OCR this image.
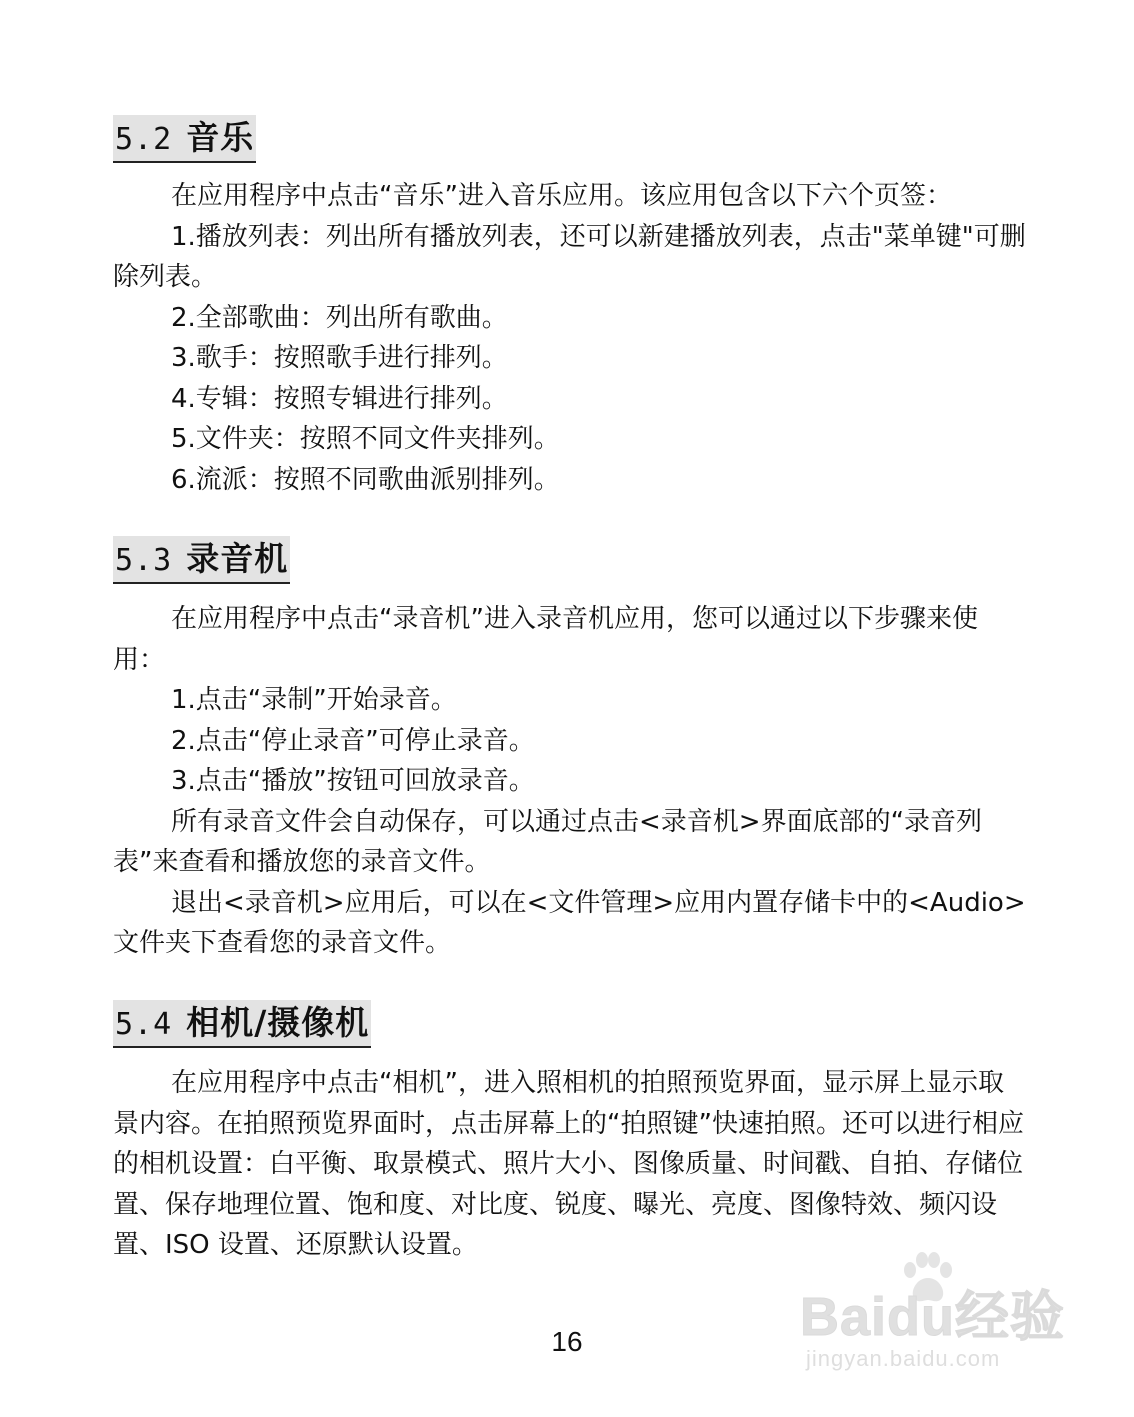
5.2 音乐

在应用程序中点击“音乐”进入音乐应用。该应用包含以下六个页签：

1.播放列表：列出所有播放列表，还可以新建播放列表，点击"菜单键"可删除列表。

2.全部歌曲：列出所有歌曲。

3.歌手：按照歌手进行排列。

4.专辑：按照专辑进行排列。

5.文件夹：按照不同文件夹排列。

6.流派：按照不同歌曲派别排列。

5.3 录音机

在应用程序中点击“录音机”进入录音机应用，您可以通过以下步骤来使用：

1.点击“录制”开始录音。

2.点击“停止录音”可停止录音。

3.点击“播放”按钮可回放录音。

所有录音文件会自动保存，可以通过点击<录音机>界面底部的“录音列表”来查看和播放您的录音文件。

退出<录音机>应用后，可以在<文件管理>应用内置存储卡中的<Audio>文件夹下查看您的录音文件。

5.4 相机/摄像机

在应用程序中点击“相机”，进入照相机的拍照预览界面，显示屏上显示取景内容。在拍照预览界面时，点击屏幕上的“拍照键”快速拍照。还可以进行相应的相机设置：白平衡、取景模式、照片大小、图像质量、时间戳、自拍、存储位置、保存地理位置、饱和度、对比度、锐度、曝光、亮度、图像特效、频闪设置、ISO 设置、还原默认设置。

16	Baidu经验
jingyan.baidu.com
